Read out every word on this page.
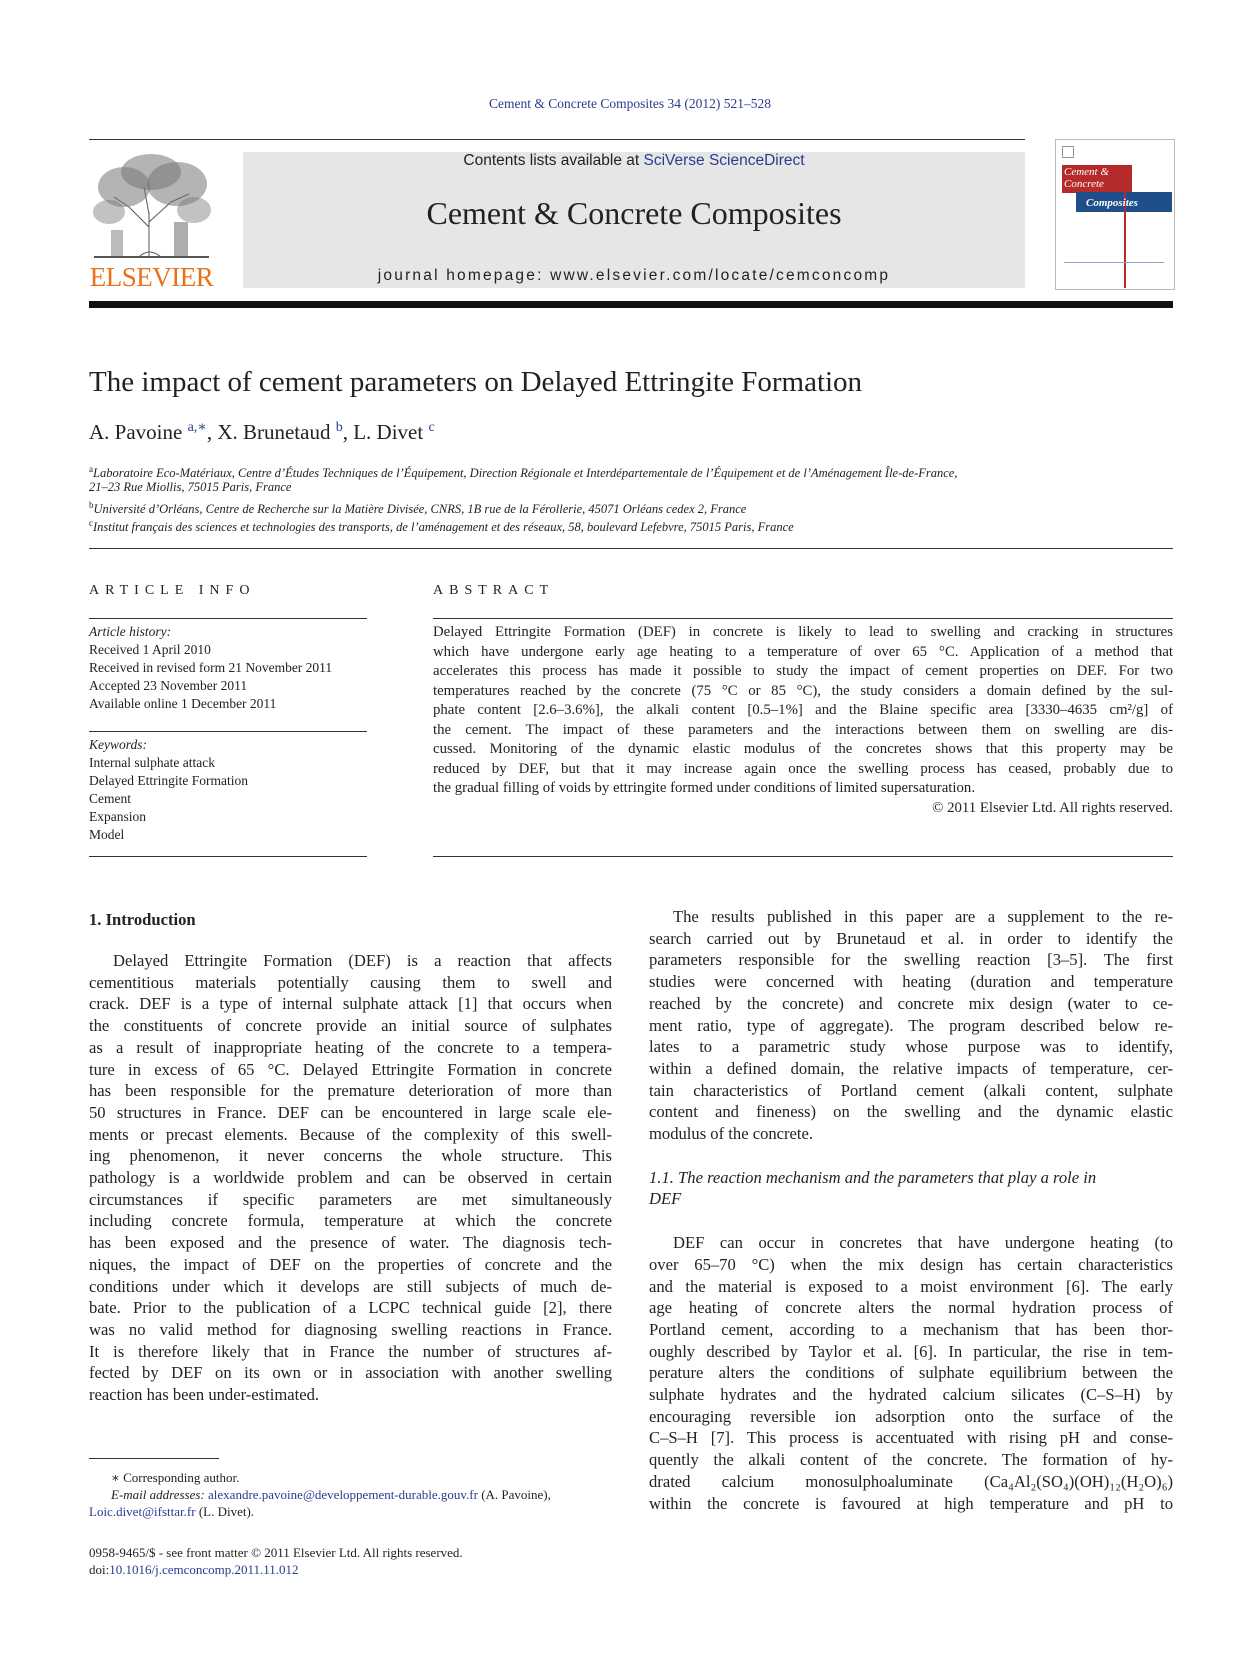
Cement & Concrete Composites 34 (2012) 521–528
ELSEVIER
Contents lists available at SciVerse ScienceDirect
Cement & Concrete Composites
journal homepage: www.elsevier.com/locate/cemconcomp
Cement &
Concrete
Composites
The impact of cement parameters on Delayed Ettringite Formation
A. Pavoine $^{a,∗}$, X. Brunetaud $^b$, L. Divet $^c$
$^a$Laboratoire Eco-Matériaux, Centre d’Études Techniques de l’Équipement, Direction Régionale et Interdépartementale de l’Équipement et de l’Aménagement Île-de-France,
21–23 Rue Miollis, 75015 Paris, France
$^b$Université d’Orléans, Centre de Recherche sur la Matière Divisée, CNRS, 1B rue de la Férollerie, 45071 Orléans cedex 2, France
$^c$Institut français des sciences et technologies des transports, de l’aménagement et des réseaux, 58, boulevard Lefebvre, 75015 Paris, France
ARTICLE INFO
Article history:
Received 1 April 2010
Received in revised form 21 November 2011
Accepted 23 November 2011
Available online 1 December 2011
Keywords:
Internal sulphate attack
Delayed Ettringite Formation
Cement
Expansion
Model
ABSTRACT
Delayed Ettringite Formation (DEF) in concrete is likely to lead to swelling and cracking in structures
which have undergone early age heating to a temperature of over 65 °C. Application of a method that
accelerates this process has made it possible to study the impact of cement properties on DEF. For two
temperatures reached by the concrete (75 °C or 85 °C), the study considers a domain defined by the sul-
phate content [2.6–3.6%], the alkali content [0.5–1%] and the Blaine specific area [3330–4635 cm²/g] of
the cement. The impact of these parameters and the interactions between them on swelling are dis-
cussed. Monitoring of the dynamic elastic modulus of the concretes shows that this property may be
reduced by DEF, but that it may increase again once the swelling process has ceased, probably due to
the gradual filling of voids by ettringite formed under conditions of limited supersaturation.
© 2011 Elsevier Ltd. All rights reserved.
1. Introduction
Delayed Ettringite Formation (DEF) is a reaction that affects
cementitious materials potentially causing them to swell and
crack. DEF is a type of internal sulphate attack [1] that occurs when
the constituents of concrete provide an initial source of sulphates
as a result of inappropriate heating of the concrete to a tempera-
ture in excess of 65 °C. Delayed Ettringite Formation in concrete
has been responsible for the premature deterioration of more than
50 structures in France. DEF can be encountered in large scale ele-
ments or precast elements. Because of the complexity of this swell-
ing phenomenon, it never concerns the whole structure. This
pathology is a worldwide problem and can be observed in certain
circumstances if specific parameters are met simultaneously
including concrete formula, temperature at which the concrete
has been exposed and the presence of water. The diagnosis tech-
niques, the impact of DEF on the properties of concrete and the
conditions under which it develops are still subjects of much de-
bate. Prior to the publication of a LCPC technical guide [2], there
was no valid method for diagnosing swelling reactions in France.
It is therefore likely that in France the number of structures af-
fected by DEF on its own or in association with another swelling
reaction has been under-estimated.
∗ Corresponding author.
E-mail addresses: alexandre.pavoine@developpement-durable.gouv.fr (A. Pavoine),
Loic.divet@ifsttar.fr (L. Divet).
0958-9465/$ - see front matter © 2011 Elsevier Ltd. All rights reserved.
doi:10.1016/j.cemconcomp.2011.11.012
The results published in this paper are a supplement to the re-
search carried out by Brunetaud et al. in order to identify the
parameters responsible for the swelling reaction [3–5]. The first
studies were concerned with heating (duration and temperature
reached by the concrete) and concrete mix design (water to ce-
ment ratio, type of aggregate). The program described below re-
lates to a parametric study whose purpose was to identify,
within a defined domain, the relative impacts of temperature, cer-
tain characteristics of Portland cement (alkali content, sulphate
content and fineness) on the swelling and the dynamic elastic
modulus of the concrete.
1.1. The reaction mechanism and the parameters that play a role in
DEF
DEF can occur in concretes that have undergone heating (to
over 65–70 °C) when the mix design has certain characteristics
and the material is exposed to a moist environment [6]. The early
age heating of concrete alters the normal hydration process of
Portland cement, according to a mechanism that has been thor-
oughly described by Taylor et al. [6]. In particular, the rise in tem-
perature alters the conditions of sulphate equilibrium between the
sulphate hydrates and the hydrated calcium silicates (C–S–H) by
encouraging reversible ion adsorption onto the surface of the
C–S–H [7]. This process is accentuated with rising pH and conse-
quently the alkali content of the concrete. The formation of hy-
drated calcium monosulphoaluminate (Ca₄Al₂(SO₄)(OH)₁₂(H₂O)₆)
within the concrete is favoured at high temperature and pH to
